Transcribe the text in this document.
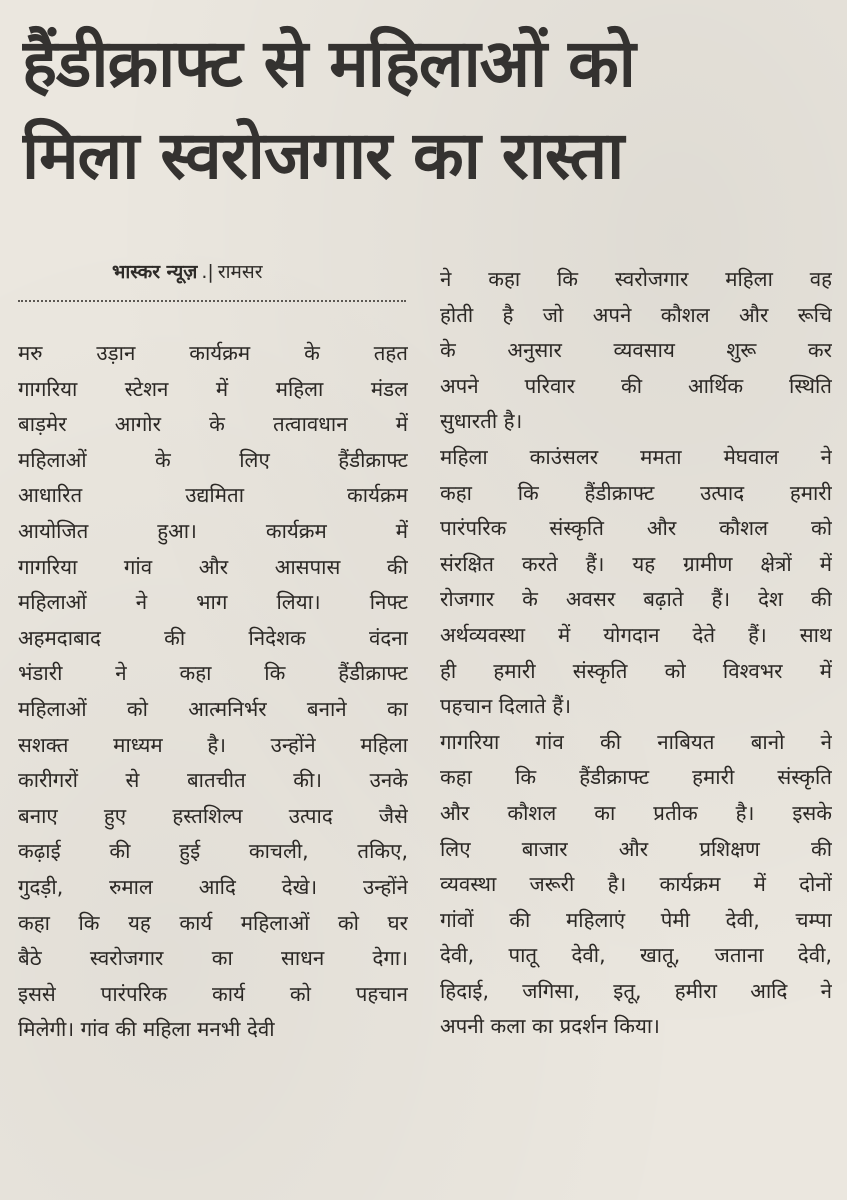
हैंडीक्राफ्ट से महिलाओं को
मिला स्वरोजगार का रास्ता
भास्कर न्यूज़ .| रामसर
मरु उड़ान कार्यक्रम के तहत
गागरिया स्टेशन में महिला मंडल
बाड़मेर आगोर के तत्वावधान में
महिलाओं के लिए हैंडीक्राफ्ट
आधारित उद्यमिता कार्यक्रम
आयोजित हुआ। कार्यक्रम में
गागरिया गांव और आसपास की
महिलाओं ने भाग लिया। निफ्ट
अहमदाबाद की निदेशक वंदना
भंडारी ने कहा कि हैंडीक्राफ्ट
महिलाओं को आत्मनिर्भर बनाने का
सशक्त माध्यम है। उन्होंने महिला
कारीगरों से बातचीत की। उनके
बनाए हुए हस्तशिल्प उत्पाद जैसे
कढ़ाई की हुई काचली, तकिए,
गुदड़ी, रुमाल आदि देखे। उन्होंने
कहा कि यह कार्य महिलाओं को घर
बैठे स्वरोजगार का साधन देगा।
इससे पारंपरिक कार्य को पहचान
मिलेगी। गांव की महिला मनभी देवी
ने कहा कि स्वरोजगार महिला वह
होती है जो अपने कौशल और रूचि
के अनुसार व्यवसाय शुरू कर
अपने परिवार की आर्थिक स्थिति
सुधारती है।
महिला काउंसलर ममता मेघवाल ने
कहा कि हैंडीक्राफ्ट उत्पाद हमारी
पारंपरिक संस्कृति और कौशल को
संरक्षित करते हैं। यह ग्रामीण क्षेत्रों में
रोजगार के अवसर बढ़ाते हैं। देश की
अर्थव्यवस्था में योगदान देते हैं। साथ
ही हमारी संस्कृति को विश्वभर में
पहचान दिलाते हैं।
गागरिया गांव की नाबियत बानो ने
कहा कि हैंडीक्राफ्ट हमारी संस्कृति
और कौशल का प्रतीक है। इसके
लिए बाजार और प्रशिक्षण की
व्यवस्था जरूरी है। कार्यक्रम में दोनों
गांवों की महिलाएं पेमी देवी, चम्पा
देवी, पातू देवी, खातू, जताना देवी,
हिदाई, जगिसा, इतू, हमीरा आदि ने
अपनी कला का प्रदर्शन किया।
